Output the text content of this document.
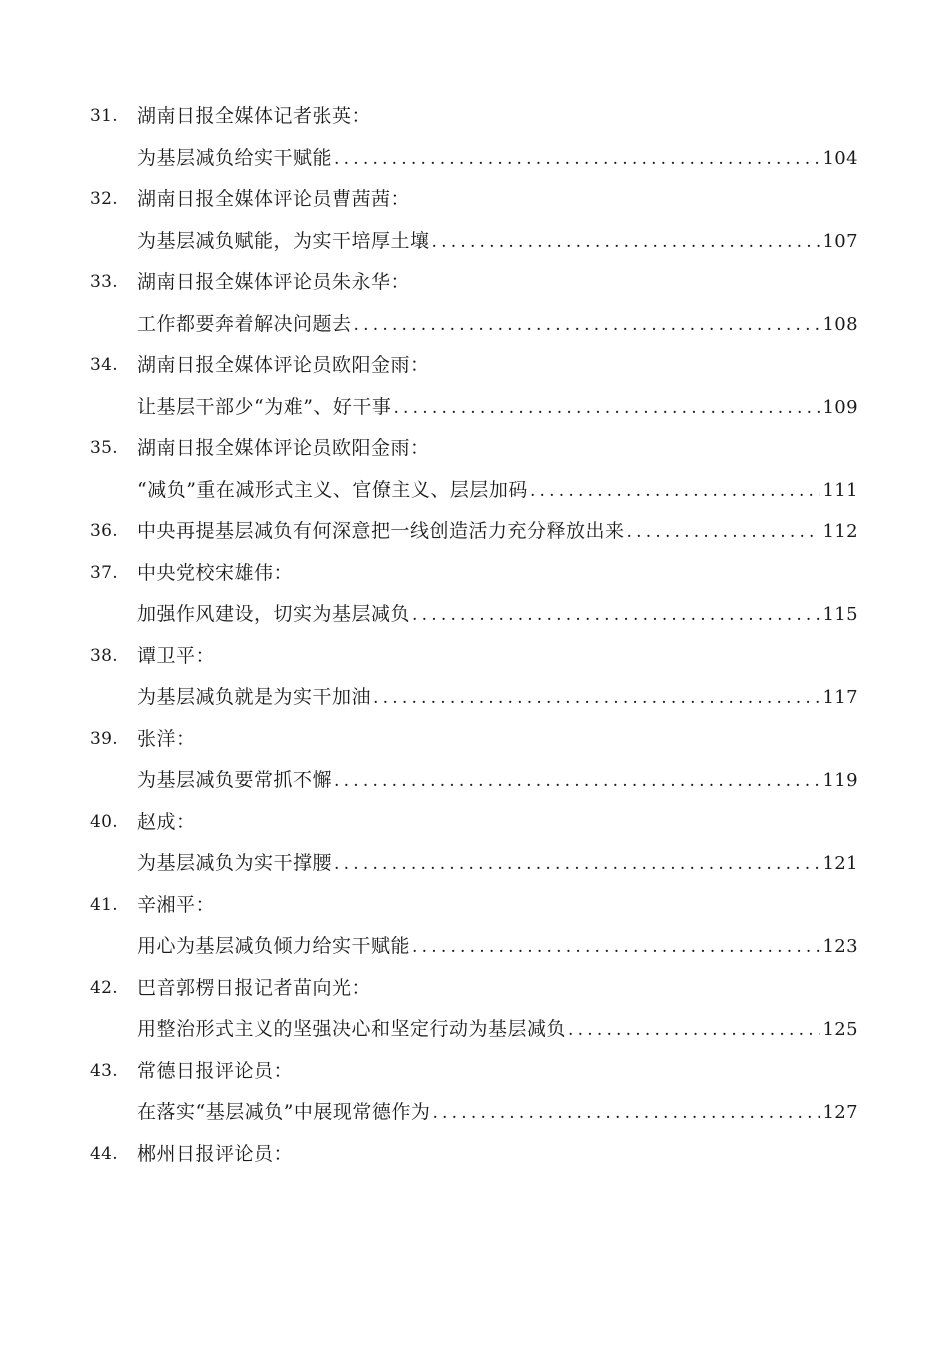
31.	湖南日报全媒体记者张英：
为基层减负给实干赋能 . . .	104
32.	湖南日报全媒体评论员曹茜茜：
为基层减负赋能，为实干培厚土壤 . . .	107
33.	湖南日报全媒体评论员朱永华：
工作都要奔着解决问题去 . . .	108
34.	湖南日报全媒体评论员欧阳金雨：
让基层干部少“为难”、好干事 . . .	109
35.	湖南日报全媒体评论员欧阳金雨：
“减负”重在减形式主义、官僚主义、层层加码 . . .	111
36.	中央再提基层减负有何深意把一线创造活力充分释放出来 . . .	112
37.	中央党校宋雄伟：
加强作风建设，切实为基层减负 . . .	115
38.	谭卫平：
为基层减负就是为实干加油 . . .	117
39.	张洋：
为基层减负要常抓不懈 . . .	119
40.	赵成：
为基层减负为实干撑腰 . . .	121
41.	辛湘平：
用心为基层减负倾力给实干赋能 . . .	123
42.	巴音郭楞日报记者苗向光：
用整治形式主义的坚强决心和坚定行动为基层减负 . . .	125
43.	常德日报评论员：
在落实“基层减负”中展现常德作为 . . .	127
44.	郴州日报评论员：
